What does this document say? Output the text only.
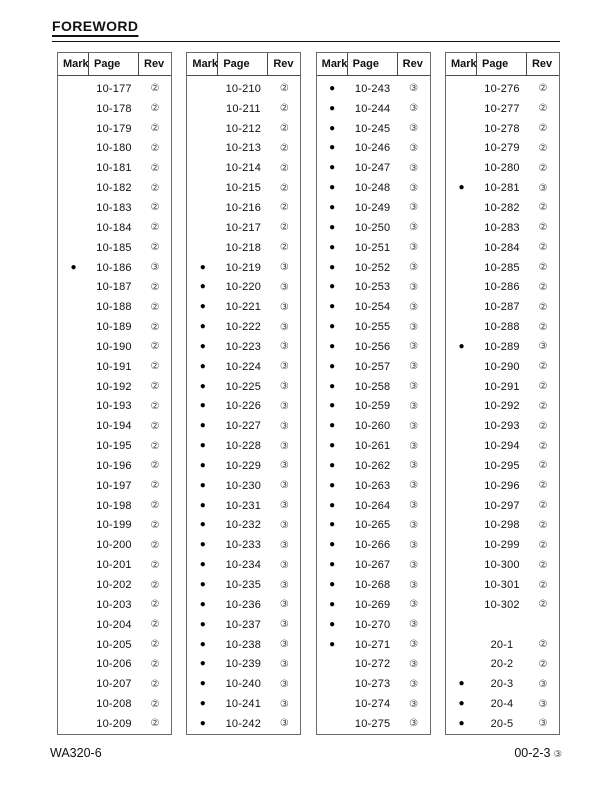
FOREWORD
Mark Page	Rev
10-177	②
10-178	②
10-179	②
10-180	②
10-181	②
10-182	②
10-183	②
10-184	②
10-185	②
●	10-186	③
10-187	②
10-188	②
10-189	②
10-190	②
10-191	②
10-192	②
10-193	②
10-194	②
10-195	②
10-196	②
10-197	②
10-198	②
10-199	②
10-200	②
10-201	②
10-202	②
10-203	②
10-204	②
10-205	②
10-206	②
10-207	②
10-208	②
10-209	②
Mark Page	Rev
10-210	②
10-211	②
10-212	②
10-213	②
10-214	②
10-215	②
10-216	②
10-217	②
10-218	②
●	10-219	③
●	10-220	③
●	10-221	③
●	10-222	③
●	10-223	③
●	10-224	③
●	10-225	③
●	10-226	③
●	10-227	③
●	10-228	③
●	10-229	③
●	10-230	③
●	10-231	③
●	10-232	③
●	10-233	③
●	10-234	③
●	10-235	③
●	10-236	③
●	10-237	③
●	10-238	③
●	10-239	③
●	10-240	③
●	10-241	③
●	10-242	③
Mark Page	Rev
●	10-243	③
●	10-244	③
●	10-245	③
●	10-246	③
●	10-247	③
●	10-248	③
●	10-249	③
●	10-250	③
●	10-251	③
●	10-252	③
●	10-253	③
●	10-254	③
●	10-255	③
●	10-256	③
●	10-257	③
●	10-258	③
●	10-259	③
●	10-260	③
●	10-261	③
●	10-262	③
●	10-263	③
●	10-264	③
●	10-265	③
●	10-266	③
●	10-267	③
●	10-268	③
●	10-269	③
●	10-270	③
●	10-271	③
10-272	③
10-273	③
10-274	③
10-275	③
Mark Page	Rev
10-276	②
10-277	②
10-278	②
10-279	②
10-280	②
●	10-281	③
10-282	②
10-283	②
10-284	②
10-285	②
10-286	②
10-287	②
10-288	②
●	10-289	③
10-290	②
10-291	②
10-292	②
10-293	②
10-294	②
10-295	②
10-296	②
10-297	②
10-298	②
10-299	②
10-300	②
10-301	②
10-302	②
20-1	②
20-2	②
●	20-3	③
●	20-4	③
●	20-5	③
WA320-6	00-2-3 ③
